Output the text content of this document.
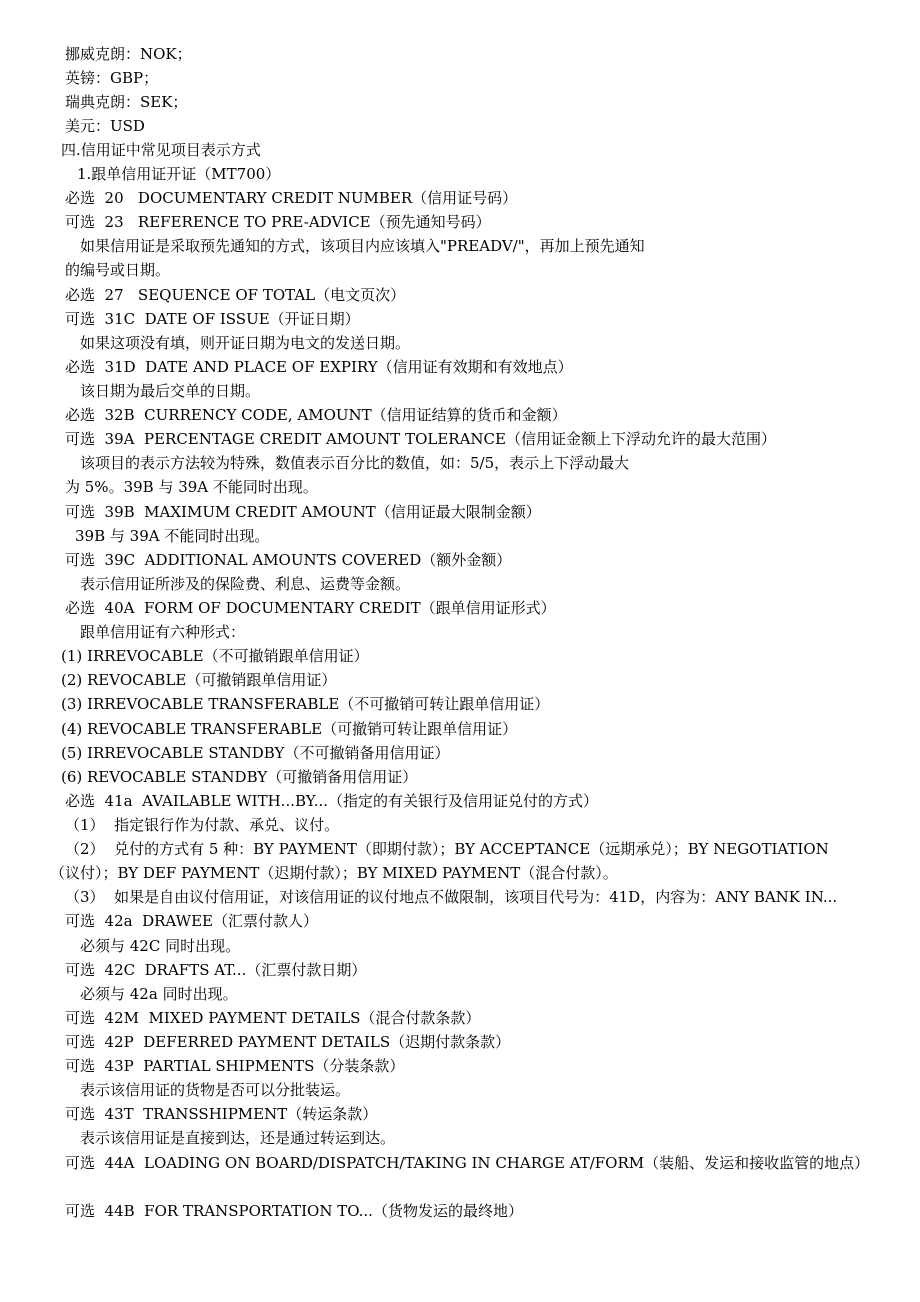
挪威克朗：NOK；
英镑：GBP；
瑞典克朗：SEK；
美元：USD
四.信用证中常见项目表示方式
1.跟单信用证开证（MT700）
必选  20   DOCUMENTARY CREDIT NUMBER（信用证号码）
可选  23   REFERENCE TO PRE-ADVICE（预先通知号码）
如果信用证是采取预先通知的方式，该项目内应该填入"PREADV/"，再加上预先通知
的编号或日期。
必选  27   SEQUENCE OF TOTAL（电文页次）
可选  31C  DATE OF ISSUE（开证日期）
如果这项没有填，则开证日期为电文的发送日期。
必选  31D  DATE AND PLACE OF EXPIRY（信用证有效期和有效地点）
该日期为最后交单的日期。
必选  32B  CURRENCY CODE, AMOUNT（信用证结算的货币和金额）
可选  39A  PERCENTAGE CREDIT AMOUNT TOLERANCE（信用证金额上下浮动允许的最大范围）
该项目的表示方法较为特殊，数值表示百分比的数值，如：5/5，表示上下浮动最大
为 5%。39B 与 39A 不能同时出现。
可选  39B  MAXIMUM CREDIT AMOUNT（信用证最大限制金额）
39B 与 39A 不能同时出现。
可选  39C  ADDITIONAL AMOUNTS COVERED（额外金额）
表示信用证所涉及的保险费、利息、运费等金额。
必选  40A  FORM OF DOCUMENTARY CREDIT（跟单信用证形式）
跟单信用证有六种形式：
(1) IRREVOCABLE（不可撤销跟单信用证）
(2) REVOCABLE（可撤销跟单信用证）
(3) IRREVOCABLE TRANSFERABLE（不可撤销可转让跟单信用证）
(4) REVOCABLE TRANSFERABLE（可撤销可转让跟单信用证）
(5) IRREVOCABLE STANDBY（不可撤销备用信用证）
(6) REVOCABLE STANDBY（可撤销备用信用证）
必选  41a  AVAILABLE WITH...BY...（指定的有关银行及信用证兑付的方式）
（1）  指定银行作为付款、承兑、议付。
（2）  兑付的方式有 5 种：BY PAYMENT（即期付款）；BY ACCEPTANCE（远期承兑）；BY NEGOTIATION
（议付）；BY DEF PAYMENT（迟期付款）；BY MIXED PAYMENT（混合付款）。
（3）  如果是自由议付信用证，对该信用证的议付地点不做限制，该项目代号为：41D，内容为：ANY BANK IN...
可选  42a  DRAWEE（汇票付款人）
必须与 42C 同时出现。
可选  42C  DRAFTS AT...（汇票付款日期）
必须与 42a 同时出现。
可选  42M  MIXED PAYMENT DETAILS（混合付款条款）
可选  42P  DEFERRED PAYMENT DETAILS（迟期付款条款）
可选  43P  PARTIAL SHIPMENTS（分装条款）
表示该信用证的货物是否可以分批装运。
可选  43T  TRANSSHIPMENT（转运条款）
表示该信用证是直接到达，还是通过转运到达。
可选  44A  LOADING ON BOARD/DISPATCH/TAKING IN CHARGE AT/FORM（装船、发运和接收监管的地点）
可选  44B  FOR TRANSPORTATION TO...（货物发运的最终地）
